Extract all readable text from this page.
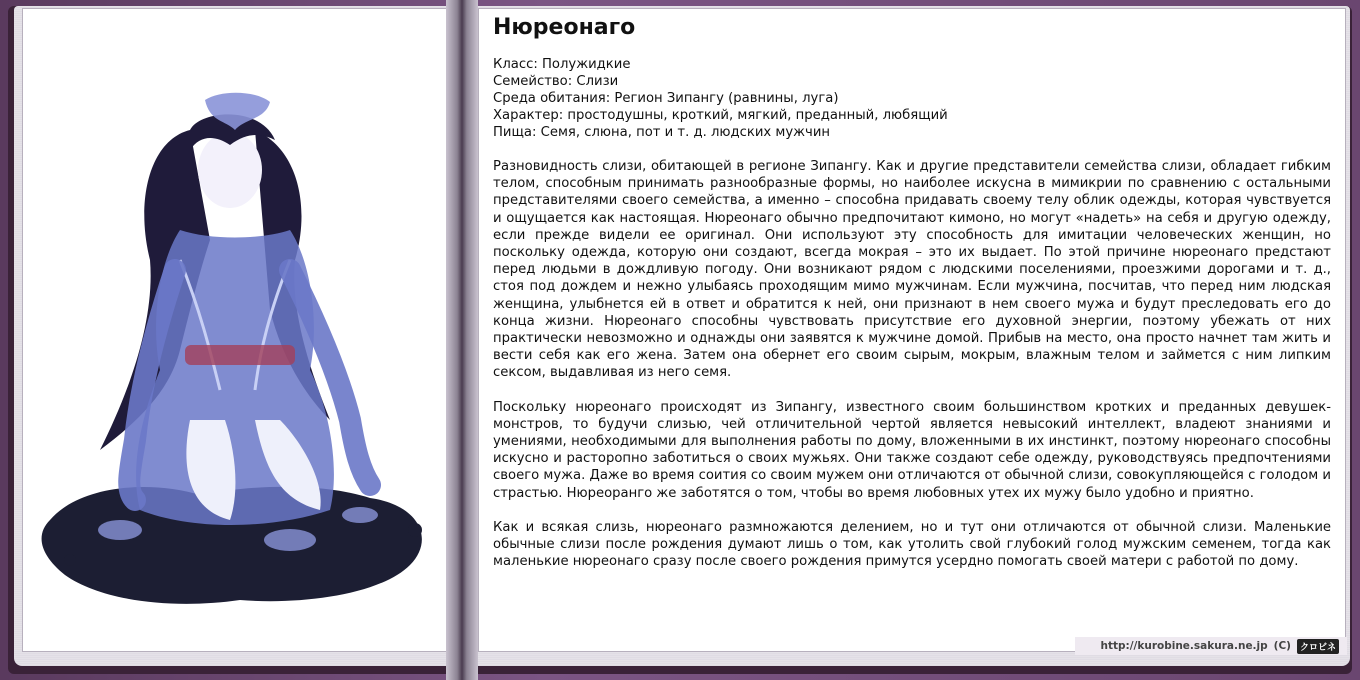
Нюреонаго
Класс: Полужидкие
Семейство: Слизи
Среда обитания: Регион Зипангу (равнины, луга)
Характер: простодушны, кроткий, мягкий, преданный, любящий
Пища: Семя, слюна, пот и т. д. людских мужчин

Разновидность слизи, обитающей в регионе Зипангу. Как и другие представители семейства слизи, обладает гибким телом, способным принимать разнообразные формы, но наиболее искусна в мимикрии по сравнению с остальными представителями своего семейства, а именно – способна придавать своему телу облик одежды, которая чувствуется и ощущается как настоящая. Нюреонаго обычно предпочитают кимоно, но могут «надеть» на себя и другую одежду, если прежде видели ее оригинал. Они используют эту способность для имитации человеческих женщин, но поскольку одежда, которую они создают, всегда мокрая – это их выдает. По этой причине нюреонаго предстают перед людьми в дождливую погоду. Они возникают рядом с людскими поселениями, проезжими дорогами и т. д., стоя под дождем и нежно улыбаясь проходящим мимо мужчинам. Если мужчина, посчитав, что перед ним людская женщина, улыбнется ей в ответ и обратится к ней, они признают в нем своего мужа и будут преследовать его до конца жизни. Нюреонаго способны чувствовать присутствие его духовной энергии, поэтому убежать от них практически невозможно и однажды они заявятся к мужчине домой. Прибыв на место, она просто начнет там жить и вести себя как его жена. Затем она обернет его своим сырым, мокрым, влажным телом и займется с ним липким сексом, выдавливая из него семя.

Поскольку нюреонаго происходят из Зипангу, известного своим большинством кротких и преданных девушек-монстров, то будучи слизью, чей отличительной чертой является невысокий интеллект, владеют знаниями и умениями, необходимыми для выполнения работы по дому, вложенными в их инстинкт, поэтому нюреонаго способны искусно и расторопно заботиться о своих мужьях. Они также создают себе одежду, руководствуясь предпочтениями своего мужа. Даже во время соития со своим мужем они отличаются от обычной слизи, совокупляющейся с голодом и страстью. Нюреоранго же заботятся о том, чтобы во время любовных утех их мужу было удобно и приятно.

Как и всякая слизь, нюреонаго размножаются делением, но и тут они отличаются от обычной слизи. Маленькие обычные слизи после рождения думают лишь о том, как утолить свой глубокий голод мужским семенем, тогда как маленькие нюреонаго сразу после своего рождения примутся усердно помогать своей матери с работой по дому.

http://kurobine.sakura.ne.jp (C)	クロビネ
